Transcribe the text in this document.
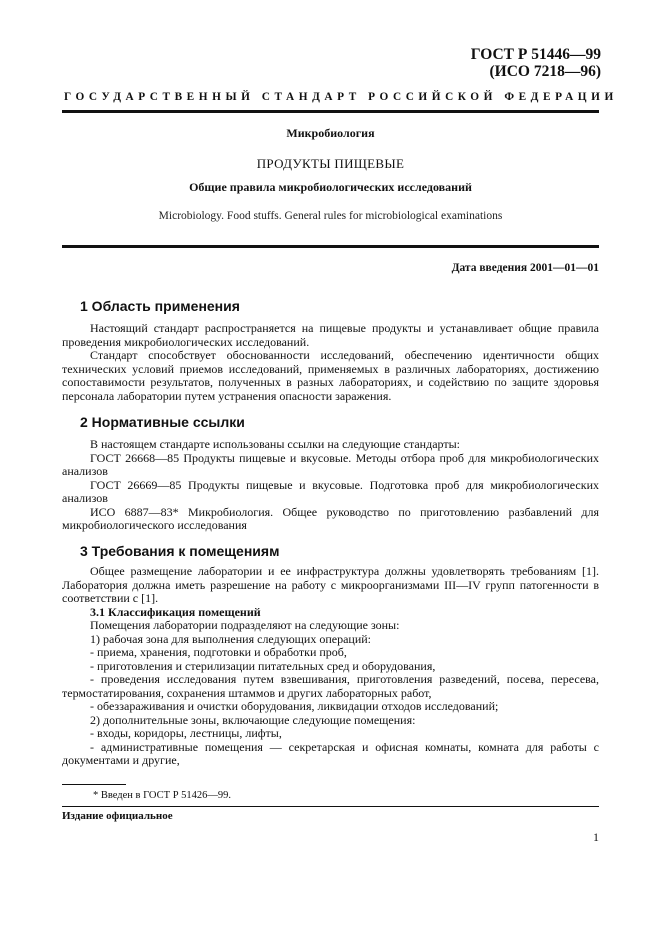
ГОСТ Р 51446—99
(ИСО 7218—96)
ГОСУДАРСТВЕННЫЙ СТАНДАРТ РОССИЙСКОЙ ФЕДЕРАЦИИ
Микробиология
ПРОДУКТЫ ПИЩЕВЫЕ
Общие правила микробиологических исследований
Microbiology. Food stuffs. General rules for microbiological examinations
Дата введения 2001—01—01
1 Область применения

Настоящий стандарт распространяется на пищевые продукты и устанавливает общие правила проведения микробиологических исследований.

Стандарт способствует обоснованности исследований, обеспечению идентичности общих технических условий приемов исследований, применяемых в различных лабораториях, достижению сопоставимости результатов, полученных в разных лабораториях, и содействию по защите здоровья персонала лаборатории путем устранения опасности заражения.

2 Нормативные ссылки

В настоящем стандарте использованы ссылки на следующие стандарты:

ГОСТ 26668—85 Продукты пищевые и вкусовые. Методы отбора проб для микробиологических анализов

ГОСТ 26669—85 Продукты пищевые и вкусовые. Подготовка проб для микробиологических анализов

ИСО 6887—83* Микробиология. Общее руководство по приготовлению разбавлений для микробиологического исследования

3 Требования к помещениям

Общее размещение лаборатории и ее инфраструктура должны удовлетворять требованиям [1]. Лаборатория должна иметь разрешение на работу с микроорганизмами III—IV групп патогенности в соответствии с [1].

3.1 Классификация помещений

Помещения лаборатории подразделяют на следующие зоны:

1) рабочая зона для выполнения следующих операций:

- приема, хранения, подготовки и обработки проб,

- приготовления и стерилизации питательных сред и оборудования,

- проведения исследования путем взвешивания, приготовления разведений, посева, пересева, термостатирования, сохранения штаммов и других лабораторных работ,

- обеззараживания и очистки оборудования, ликвидации отходов исследований;

2) дополнительные зоны, включающие следующие помещения:

- входы, коридоры, лестницы, лифты,

- административные помещения — секретарская и офисная комнаты, комната для работы с документами и другие,

* Введен в ГОСТ Р 51426—99.
Издание официальное
1
